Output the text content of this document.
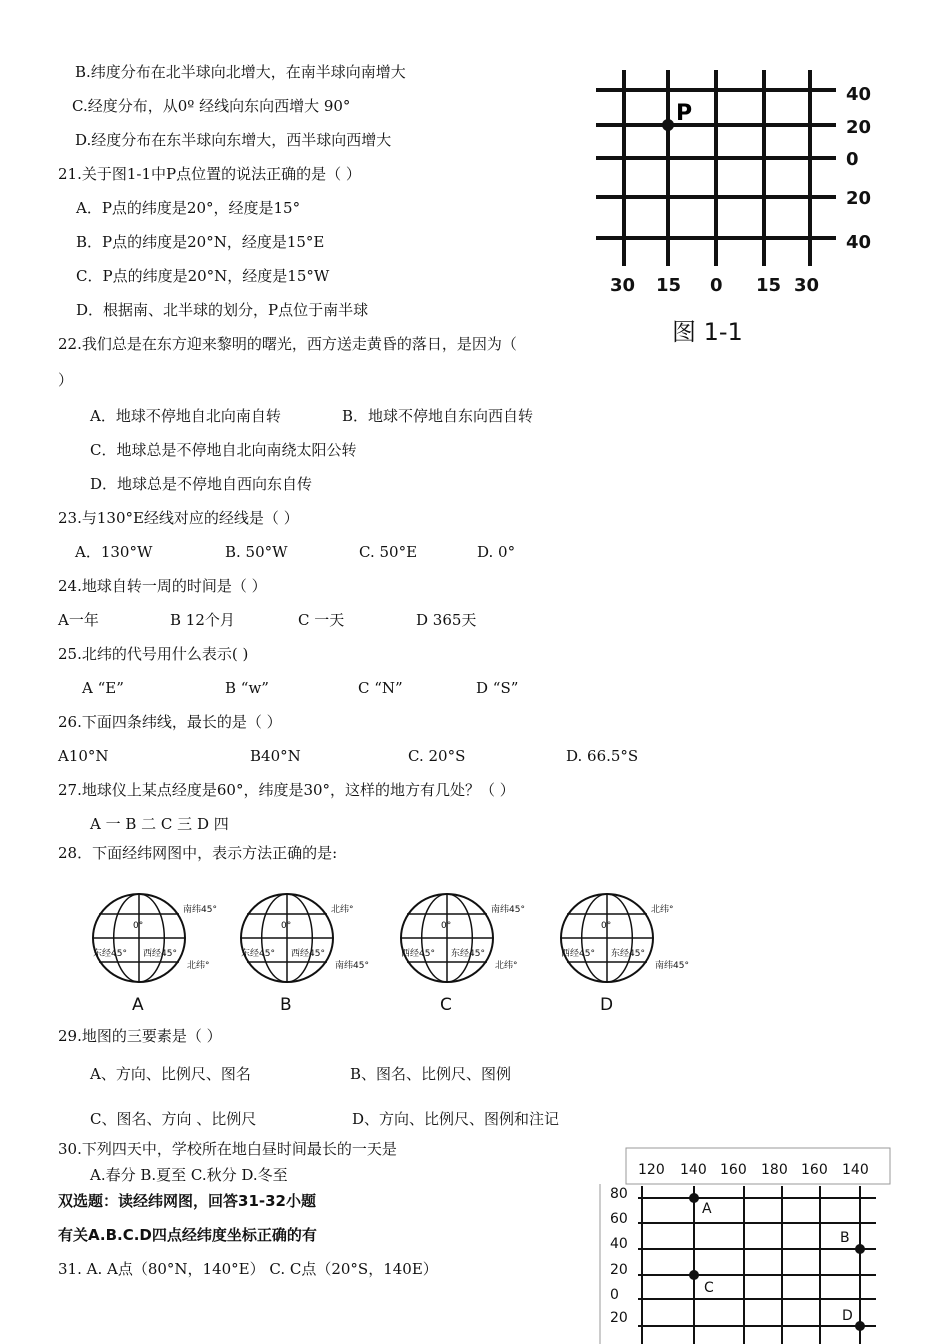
B.纬度分布在北半球向北增大，在南半球向南增大
C.经度分布，从0º 经线向东向西增大 90°
D.经度分布在东半球向东增大，西半球向西增大
21.关于图1-1中P点位置的说法正确的是（ ）
A．P点的纬度是20°，经度是15°
B．P点的纬度是20°N，经度是15°E
C．P点的纬度是20°N，经度是15°W
D．根据南、北半球的划分，P点位于南半球
22.我们总是在东方迎来黎明的曙光，西方送走黄昏的落日，是因为（
）
A．地球不停地自北向南自转	B．地球不停地自东向西自转
C．地球总是不停地自北向南绕太阳公转
D．地球总是不停地自西向东自传
23.与130°E经线对应的经线是（ ）
A．130°W	B. 50°W	C. 50°E	D. 0°
24.地球自转一周的时间是（ ）
A一年	B 12个月	C 一天	D 365天
25.北纬的代号用什么表示( )
A “E”	B “w”	C “N”	D “S”
26.下面四条纬线，最长的是（ ）
A10°N	B40°N	C. 20°S	D. 66.5°S
27.地球仪上某点经度是60°，纬度是30°，这样的地方有几处？（ ）
A 一 B 二 C 三 D 四
28．下面经纬网图中，表示方法正确的是:
P
40
20
0
20
40
30 15 0 15 30
图 1-1
0°
东经45° 西经45°
南纬45°
北纬°
A
0°
东经45° 西经45°
北纬°
南纬45°
B
0°
西经45° 东经45°
南纬45°
北纬°
C
0°
西经45° 东经45°
北纬°
南纬45°
D
29.地图的三要素是（ ）
A、方向、比例尺、图名	B、图名、比例尺、图例
C、图名、方向 、比例尺	D、方向、比例尺、图例和注记
30.下列四天中，学校所在地白昼时间最长的一天是
A.春分 B.夏至 C.秋分 D.冬至
双选题：读经纬网图，回答31-32小题
有关A.B.C.D四点经纬度坐标正确的有
31. A. A点（80°N，140°E） C. C点（20°S，140E）
120 140 160 180 160 140
80
60
40
20
0
20
A
B
C
D
